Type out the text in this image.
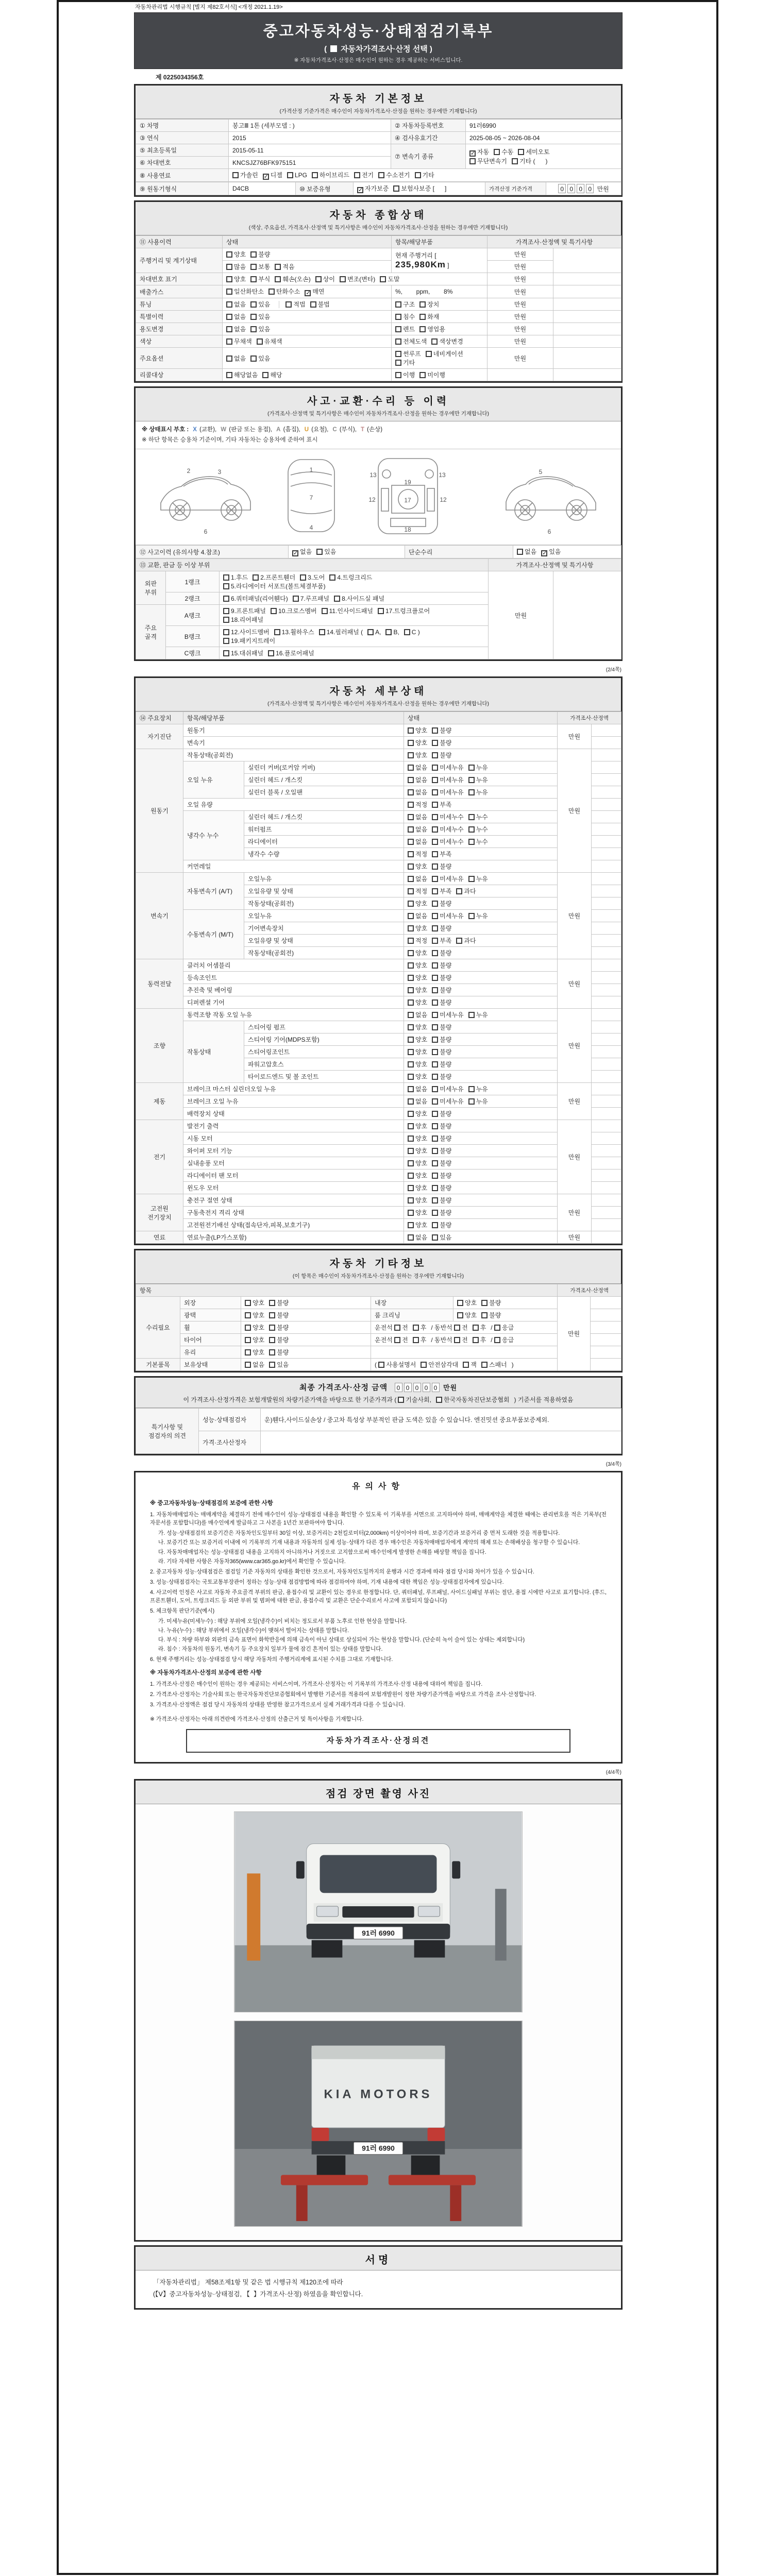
자동차관리법 시행규칙 [별지 제82호서식] <개정 2021.1.19>
중고자동차성능·상태점검기록부
( 자동차가격조사·산정 선택 )
※ 자동차가격조사·산정은 매수인이 원하는 경우 제공하는 서비스입니다.
제 0225034356호
자동차 기본정보
(가격산정 기준가격은 매수인이 자동차가격조사·산정을 원하는 경우에만 기재합니다)
① 차명	봉고Ⅲ 1톤 (세부모델 : )	② 자동차등록번호	91러6990
③ 연식	2015	④ 검사유효기간	2025-08-05 ~ 2026-08-04
⑤ 최초등록일	2015-05-11	⑦ 변속기 종류	✓ 자동 수동 세미오토
무단변속기 기타 (      )
⑥ 차대번호	KNCSJZ76BFK975151		
⑧ 사용연료	가솔린 ✓ 디젤 LPG 하이브리드 전기 수소전기 기타		
⑨ 원동기형식	D4CB	⑩ 보증유형	✓ 자가보증 보험사보증 [      ]	가격산정 기준가격	0 0 0 0 만원
자동차 종합상태
(색상, 주요옵션, 가격조사·산정액 및 특기사항은 매수인이 자동차가격조사·산정을 원하는 경우에만 기재합니다)
⑪ 사용이력	상태	항목/해당부품	가격조사·산정액 및 특기사항	
주행거리 및 계기상태	양호 불량	현재 주행거리 [ 235,980Km ]	만원	
	많음 보통 적음		만원	
차대번호 표기	양호 부식 훼손(오손) 상이 변조(변타) 도말		만원	
배출가스	일산화탄소 탄화수소 ✓ 매연	%,        ppm,        8%	만원	
튜닝	없음 있음 적법 불법	구조 장치	만원	
특별이력	없음 있음	침수 화재	만원	
용도변경	없음 있음	렌트 영업용	만원	
색상	무채색 유채색	전체도색 색상변경	만원	
주요옵션	없음 있음	썬루프 네비게이션기타	만원	
리콜대상	해당없음 해당	이행 미이행		
사고·교환·수리 등 이력
(가격조사·산정액 및 특기사항은 매수인이 자동차가격조사·산정을 원하는 경우에만 기재합니다)
※ 상태표시 부호 : X (교환), W (판금 또는 용접), A (흠집), U (요철), C (부식), T (손상)
※ 하단 항목은 승용차 기준이며, 기타 자동차는 승용차에 준하여 표시
2	3
6
1
7
4
13
19
13
12	17	12
18
5
6
⑫ 사고이력 (유의사항 4.참조)	✓ 없음 있음	단순수리	없음 ✓ 있음
⑬ 교환, 판금 등 이상 부위			가격조사·산정액 및 특기사항	
외판 부위	1랭크	1.후드 2.프론트휀더 3.도어 4.트렁크리드
5.라디에이터 서포트(볼트체결부품)	만원	
	2랭크	6.쿼터패널(리어휀다) 7.루프패널 8.사이드실 패널		
주요 골격	A랭크	9.프론트패널 10.크로스멤버 11.인사이드패널 17.트렁크플로어
18.리어패널		
	B랭크	12.사이드멤버 13.휠하우스 14.필러패널 ( A, B, C )
19.패키지트레이		
	C랭크	15.대쉬패널 16.플로어패널		
(2/4쪽)
자동차 세부상태
(가격조사·산정액 및 특기사항은 매수인이 자동차가격조사·산정을 원하는 경우에만 기재합니다)
⑭ 주요장치	항목/해당부품		상태	가격조사·산정액	
자기진단	원동기		양호 불량	만원	
	변속기		양호 불량		
원동기	작동상태(공회전)		양호 불량	만원	
	오일 누유	실린더 커버(로커암 커버)	없음 미세누유 누유		
		실린더 헤드 / 개스킷	없음 미세누유 누유		
		실린더 블록 / 오일팬	없음 미세누유 누유		
	오일 유량		적정 부족		
	냉각수 누수	실린더 헤드 / 개스킷	없음 미세누수 누수		
		워터펌프	없음 미세누수 누수		
		라디에이터	없음 미세누수 누수		
		냉각수 수량	적정 부족		
	커먼레일		양호 불량		
변속기	자동변속기 (A/T)	오일누유	없음 미세누유 누유	만원	
		오일유량 및 상태	적정 부족 과다		
		작동상태(공회전)	양호 불량		
	수동변속기 (M/T)	오일누유	없음 미세누유 누유		
		기어변속장치	양호 불량		
		오일유량 및 상태	적정 부족 과다		
		작동상태(공회전)	양호 불량		
동력전달	클러치 어셈블리		양호 불량	만원	
	등속조인트		양호 불량		
	추진축 및 베어링		양호 불량		
	디퍼렌셜 기어		양호 불량		
조향	동력조향 작동 오일 누유		없음 미세누유 누유	만원	
	작동상태	스티어링 펌프	양호 불량		
		스티어링 기어(MDPS포함)	양호 불량		
		스티어링조인트	양호 불량		
		파워고압호스	양호 불량		
		타이로드엔드 및 볼 조인트	양호 불량		
제동	브레이크 마스터 실린더오일 누유		없음 미세누유 누유	만원	
	브레이크 오일 누유		없음 미세누유 누유		
	배력장치 상태		양호 불량		
전기	발전기 출력		양호 불량	만원	
	시동 모터		양호 불량		
	와이퍼 모터 기능		양호 불량		
	실내송풍 모터		양호 불량		
	라디에이터 팬 모터		양호 불량		
	윈도우 모터		양호 불량		
고전원 전기장치	충전구 절연 상태		양호 불량	만원	
	구동축전지 격리 상태		양호 불량		
	고전원전기배선 상태(접속단자,피복,보호기구)		양호 불량		
연료	연료누출(LP가스포함)		없음 있음	만원	
자동차 기타정보
(이 항목은 매수인이 자동차가격조사·산정을 원하는 경우에만 기재합니다)
항목					가격조사·산정액	
수리필요	외장	양호 불량	내장	양호 불량	만원	
	광택	양호 불량	룸 크리닝	양호 불량		
	휠	양호 불량	운전석 전 후 / 동반석 전 후 / 응급			
	타이어	양호 불량	운전석 전 후 / 동반석 전 후 / 응급			
	유리	양호 불량				
기본품목	보유상태	없음 있음	( 사용설명서 안전삼각대 잭 스패너 )			
최종 가격조사·산정 금액 0 0 0 0 0 만원
이 가격조사·산정가격은 보험개발원의 차량기준가액을 바탕으로 한 기준가격과 ( 기술사회, 한국자동차진단보증협회 ) 기준서를 적용하였음
특기사항 및 점검자의 의견	성능·상태점검자	운)휀다,사이드실손상 / 중고차 특성상 부분적인 판금 도색은 있을 수 있습니다. 엔진밋션 중요부품보증제외.
	가격·조사산정자	
(3/4쪽)
유의사항
※ 중고자동차성능·상태점검의 보증에 관한 사항
1. 자동차매매업자는 매매계약을 체결하기 전에 매수인이 성능·상태점검 내용을 확인할 수 있도록 이 기록부를 서면으로 고지하여야 하며, 매매계약을 체결한 때에는 관리번호를 적은 기록부(전자문서를 포함합니다)를 매수인에게 발급하고 그 사본을 1년간 보관하여야 합니다.
가. 성능·상태점검의 보증기간은 자동차인도일부터 30일 이상, 보증거리는 2천킬로미터(2,000km) 이상이어야 하며, 보증기간과 보증거리 중 먼저 도래한 것을 적용합니다.
나. 보증기간 또는 보증거리 이내에 이 기록부의 기재 내용과 자동차의 실제 성능·상태가 다른 경우 매수인은 자동차매매업자에게 계약의 해제 또는 손해배상을 청구할 수 있습니다.
다. 자동차매매업자는 성능·상태점검 내용을 고지하지 아니하거나 거짓으로 고지함으로써 매수인에게 발생한 손해를 배상할 책임을 집니다.
라. 기타 자세한 사항은 자동차365(www.car365.go.kr)에서 확인할 수 있습니다.
2. 중고자동차 성능·상태점검은 점검일 기준 자동차의 상태를 확인한 것으로서, 자동차인도일까지의 운행과 시간 경과에 따라 점검 당시와 차이가 있을 수 있습니다.
3. 성능·상태점검자는 국토교통부장관이 정하는 성능·상태 점검방법에 따라 점검하여야 하며, 기재 내용에 대한 책임은 성능·상태점검자에게 있습니다.
4. 사고이력 인정은 사고로 자동차 주요골격 부위의 판금, 용접수리 및 교환이 있는 경우로 한정합니다. 단, 쿼터패널, 루프패널, 사이드실패널 부위는 절단, 용접 시에만 사고로 표기합니다. (후드, 프론트휀더, 도어, 트렁크리드 등 외판 부위 및 범퍼에 대한 판금, 용접수리 및 교환은 단순수리로서 사고에 포함되지 않습니다)
5. 체크항목 판단기준(예시)
가. 미세누유(미세누수) : 해당 부위에 오일(냉각수)이 비치는 정도로서 부품 노후로 인한 현상을 말합니다.
나. 누유(누수) : 해당 부위에서 오일(냉각수)이 맺혀서 떨어지는 상태를 말합니다.
다. 부식 : 차량 하부와 외판의 금속 표면이 화학반응에 의해 금속이 아닌 상태로 상실되어 가는 현상을 말합니다. (단순히 녹이 슬어 있는 상태는 제외합니다)
라. 침수 : 자동차의 원동기, 변속기 등 주요장치 일부가 물에 잠긴 흔적이 있는 상태를 말합니다.
6. 현재 주행거리는 성능·상태점검 당시 해당 자동차의 주행거리계에 표시된 수치를 그대로 기재합니다.
※ 자동차가격조사·산정의 보증에 관한 사항
1. 가격조사·산정은 매수인이 원하는 경우 제공되는 서비스이며, 가격조사·산정자는 이 기록부의 가격조사·산정 내용에 대하여 책임을 집니다.
2. 가격조사·산정자는 기술사회 또는 한국자동차진단보증협회에서 발행한 기준서를 적용하여 보험개발원이 정한 차량기준가액을 바탕으로 가격을 조사·산정합니다.
3. 가격조사·산정액은 점검 당시 자동차의 상태를 반영한 참고가격으로서 실제 거래가격과 다를 수 있습니다.
※ 가격조사·산정자는 아래 의견란에 가격조사·산정의 산출근거 및 특이사항을 기재합니다.
자동차가격조사·산정의견
(4/4쪽)
점검 장면 촬영 사진
91러 6990
KIA MOTORS
91러 6990
서명
「자동차관리법」 제58조제1항 및 같은 법 시행규칙 제120조에 따라
(【Ⅴ】중고자동차성능·상태점검, 【  】가격조사·산정) 하였음을 확인합니다.
